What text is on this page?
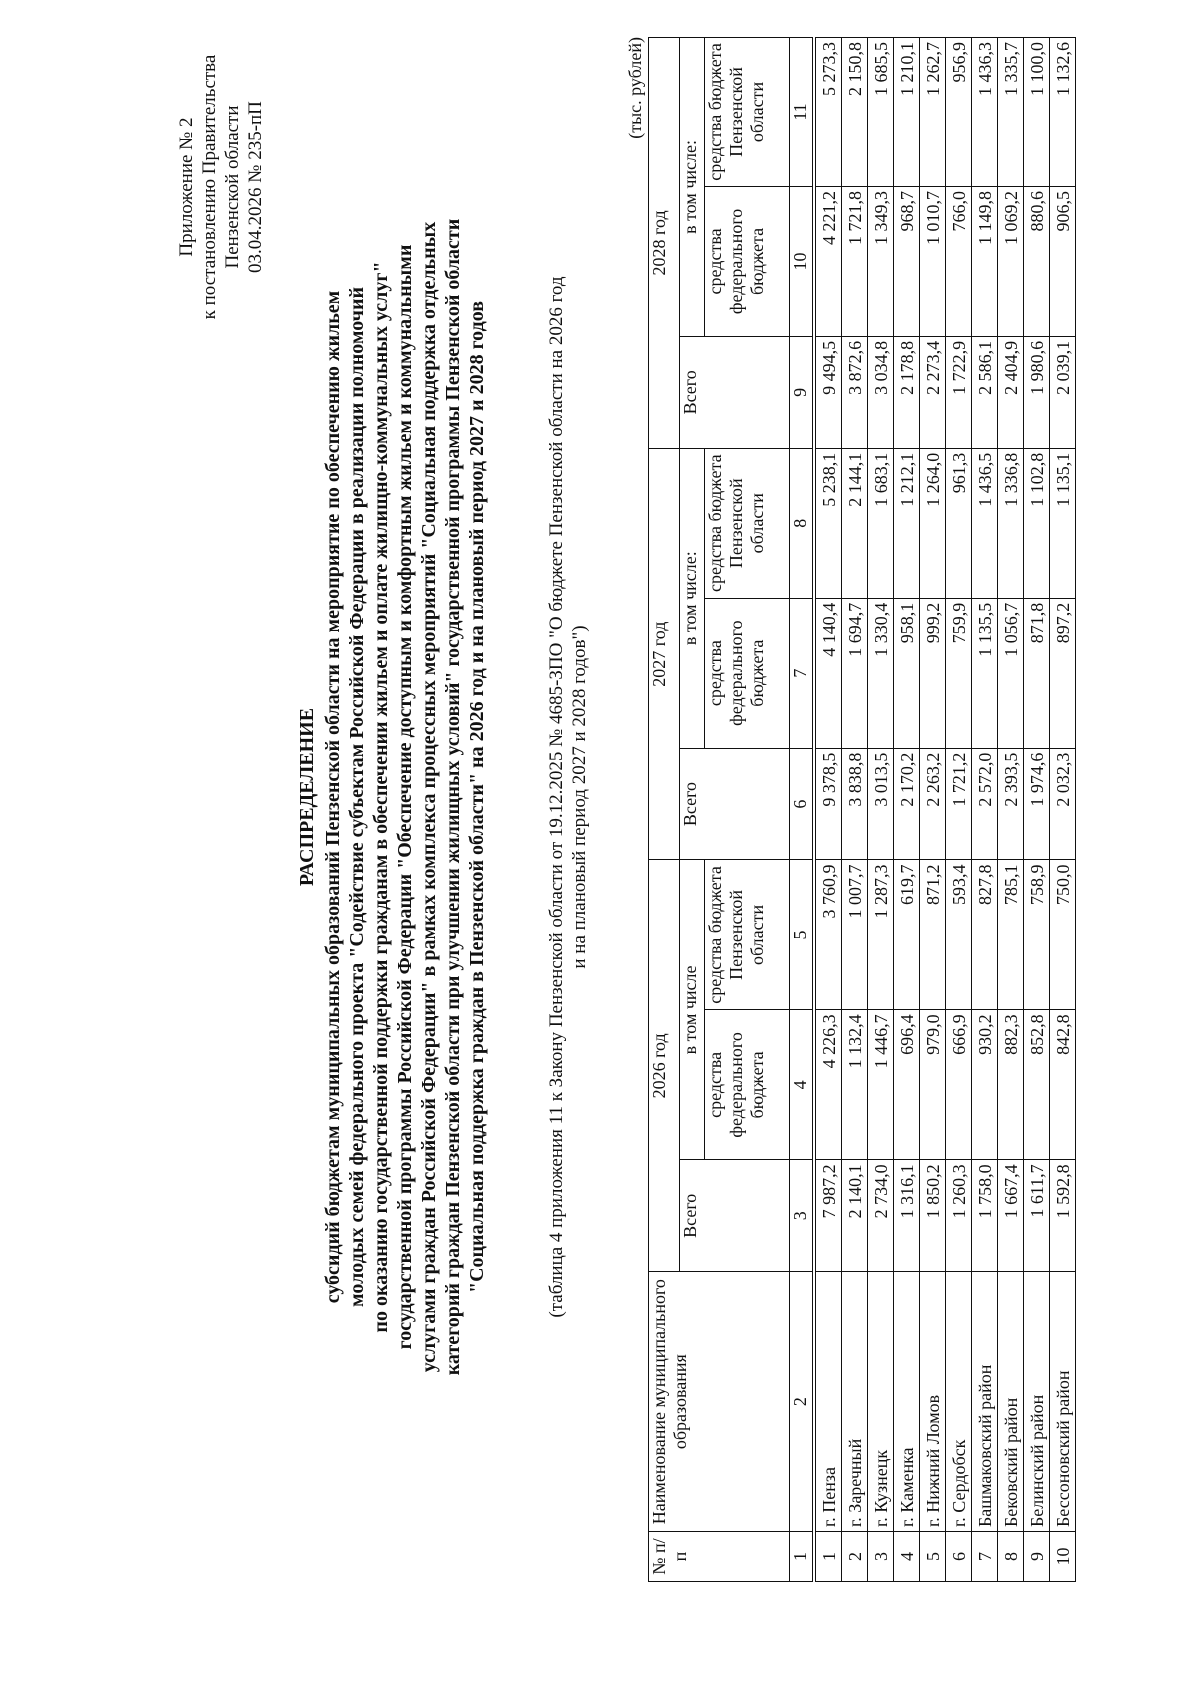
Приложение № 2 к постановлению Правительства Пензенской области 03.04.2026 № 235-пП
РАСПРЕДЕЛЕНИЕ субсидий бюджетам муниципальных образований Пензенской области на мероприятие по обеспечению жильем молодых семей федерального проекта "Содействие субъектам Российской Федерации в реализации полномочий по оказанию государственной поддержки гражданам в обеспечении жильем и оплате жилищно-коммунальных услуг" государственной программы Российской Федерации "Обеспечение доступным и комфортным жильем и коммунальными услугами граждан Российской Федерации" в рамках комплекса процессных мероприятий "Социальная поддержка отдельных категорий граждан Пензенской области при улучшении жилищных условий" государственной программы Пензенской области "Социальная поддержка граждан в Пензенской области" на 2026 год и на плановый период 2027 и 2028 годов	(таблица 4 приложения 11 к Закону Пензенской области от 19.12.2025 № 4685-ЗПО "О бюджете Пензенской области на 2026 год и на плановый период 2027 и 2028 годов")
(тыс. рублей)
№ п/п	Наименование муниципального образования	2026 год			2027 год			2028 год		
		Всего	в том числе		Всего	в том числе:		Всего	в том числе:	
			средства федерального бюджета	средства бюджета Пензенской области		средства федерального бюджета	средства бюджета Пензенской области		средства федерального бюджета	средства бюджета Пензенской области
1	2	3	4	5	6	7	8	9	10	11
1	г. Пенза	7 987,2	4 226,3	3 760,9	9 378,5	4 140,4	5 238,1	9 494,5	4 221,2	5 273,3
2	г. Заречный	2 140,1	1 132,4	1 007,7	3 838,8	1 694,7	2 144,1	3 872,6	1 721,8	2 150,8
3	г. Кузнецк	2 734,0	1 446,7	1 287,3	3 013,5	1 330,4	1 683,1	3 034,8	1 349,3	1 685,5
4	г. Каменка	1 316,1	696,4	619,7	2 170,2	958,1	1 212,1	2 178,8	968,7	1 210,1
5	г. Нижний Ломов	1 850,2	979,0	871,2	2 263,2	999,2	1 264,0	2 273,4	1 010,7	1 262,7
6	г. Сердобск	1 260,3	666,9	593,4	1 721,2	759,9	961,3	1 722,9	766,0	956,9
7	Башмаковский район	1 758,0	930,2	827,8	2 572,0	1 135,5	1 436,5	2 586,1	1 149,8	1 436,3
8	Бековский район	1 667,4	882,3	785,1	2 393,5	1 056,7	1 336,8	2 404,9	1 069,2	1 335,7
9	Белинский район	1 611,7	852,8	758,9	1 974,6	871,8	1 102,8	1 980,6	880,6	1 100,0
10	Бессоновский район	1 592,8	842,8	750,0	2 032,3	897,2	1 135,1	2 039,1	906,5	1 132,6
